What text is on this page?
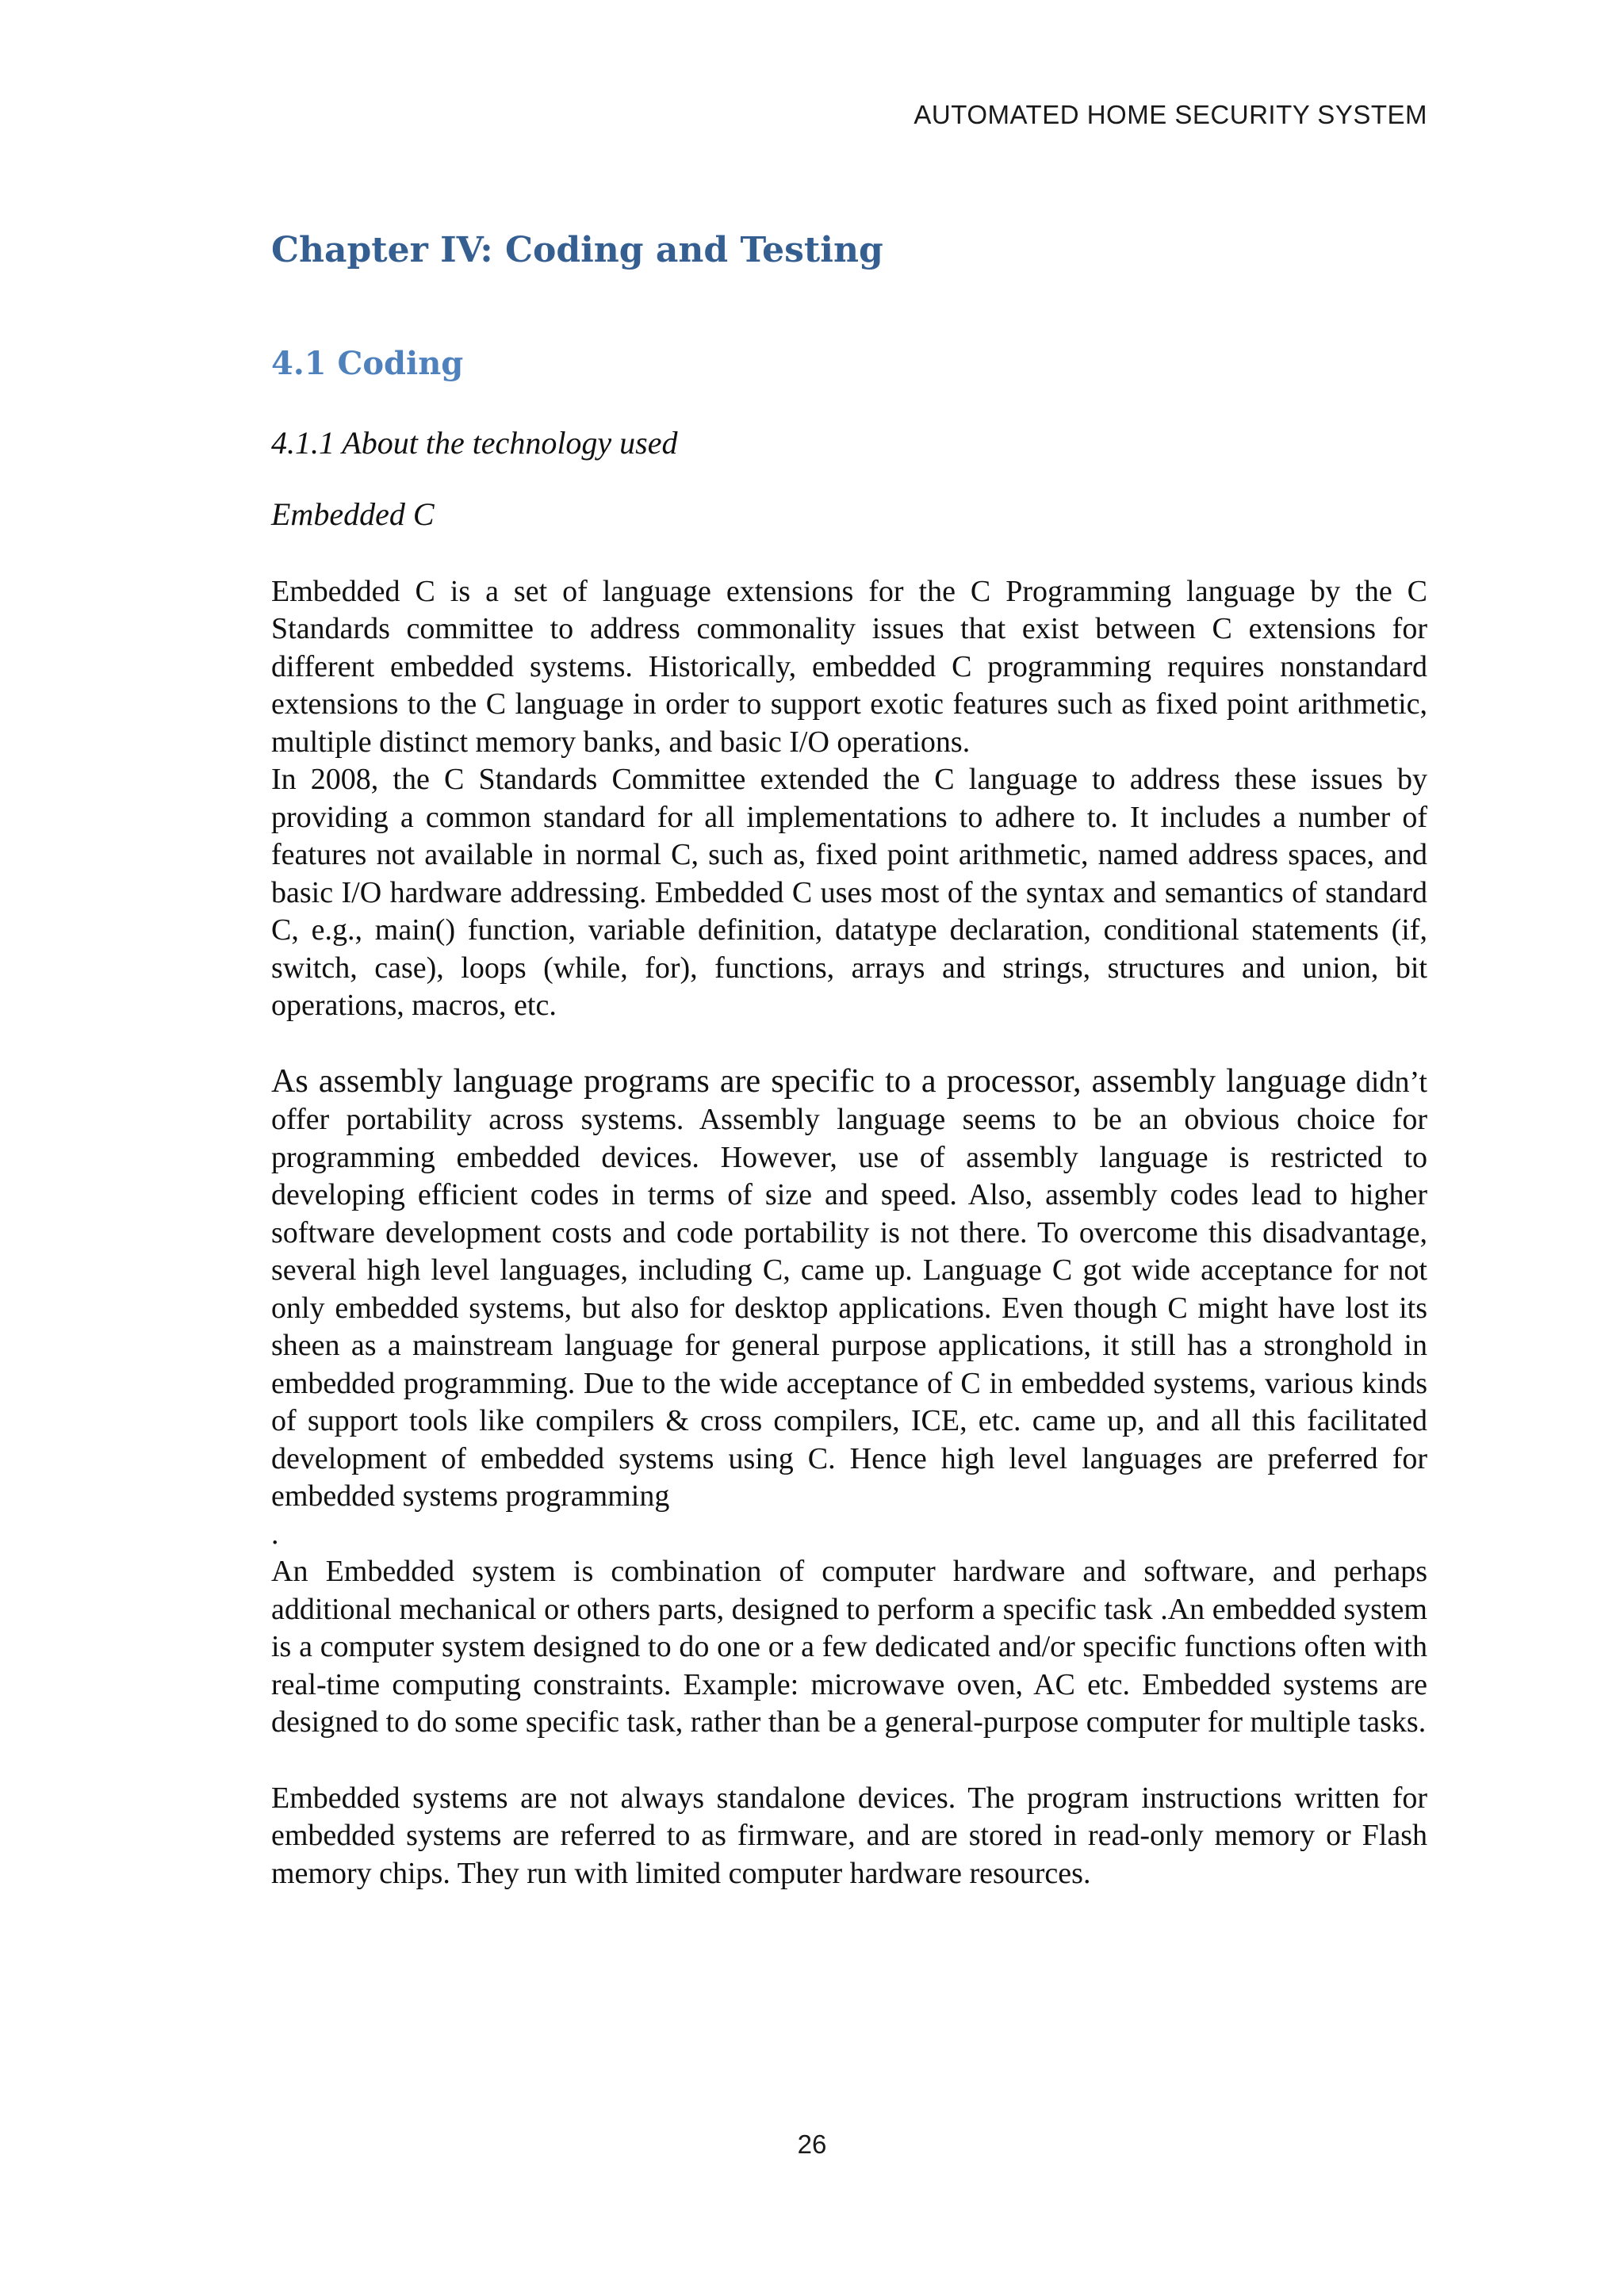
AUTOMATED HOME SECURITY SYSTEM
Chapter IV: Coding and Testing
4.1 Coding
4.1.1 About the technology used
Embedded C

Embedded C is a set of language extensions for the C Programming language by the C Standards committee to address commonality issues that exist between C extensions for different embedded systems. Historically, embedded C programming requires nonstandard extensions to the C language in order to support exotic features such as fixed point arithmetic, multiple distinct memory banks, and basic I/O operations.

In 2008, the C Standards Committee extended the C language to address these issues by providing a common standard for all implementations to adhere to. It includes a number of features not available in normal C, such as, fixed point arithmetic, named address spaces, and basic I/O hardware addressing. Embedded C uses most of the syntax and semantics of standard C, e.g., main() function, variable definition, datatype declaration, conditional statements (if, switch, case), loops (while, for), functions, arrays and strings, structures and union, bit operations, macros, etc.

As assembly language programs are specific to a processor, assembly language didn’t offer portability across systems. Assembly language seems to be an obvious choice for programming embedded devices. However, use of assembly language is restricted to developing efficient codes in terms of size and speed. Also, assembly codes lead to higher software development costs and code portability is not there. To overcome this disadvantage, several high level languages, including C, came up. Language C got wide acceptance for not only embedded systems, but also for desktop applications. Even though C might have lost its sheen as a mainstream language for general purpose applications, it still has a stronghold in embedded programming. Due to the wide acceptance of C in embedded systems, various kinds of support tools like compilers & cross compilers, ICE, etc. came up, and all this facilitated development of embedded systems using C. Hence high level languages are preferred for embedded systems programming

.

An Embedded system is combination of computer hardware and software, and perhaps additional mechanical or others parts, designed to perform a specific task .An embedded system is a computer system designed to do one or a few dedicated and/or specific functions often with real-time computing constraints. Example: microwave oven, AC etc. Embedded systems are designed to do some specific task, rather than be a general-purpose computer for multiple tasks.

Embedded systems are not always standalone devices. The program instructions written for embedded systems are referred to as firmware, and are stored in read-only memory or Flash memory chips. They run with limited computer hardware resources.

26
